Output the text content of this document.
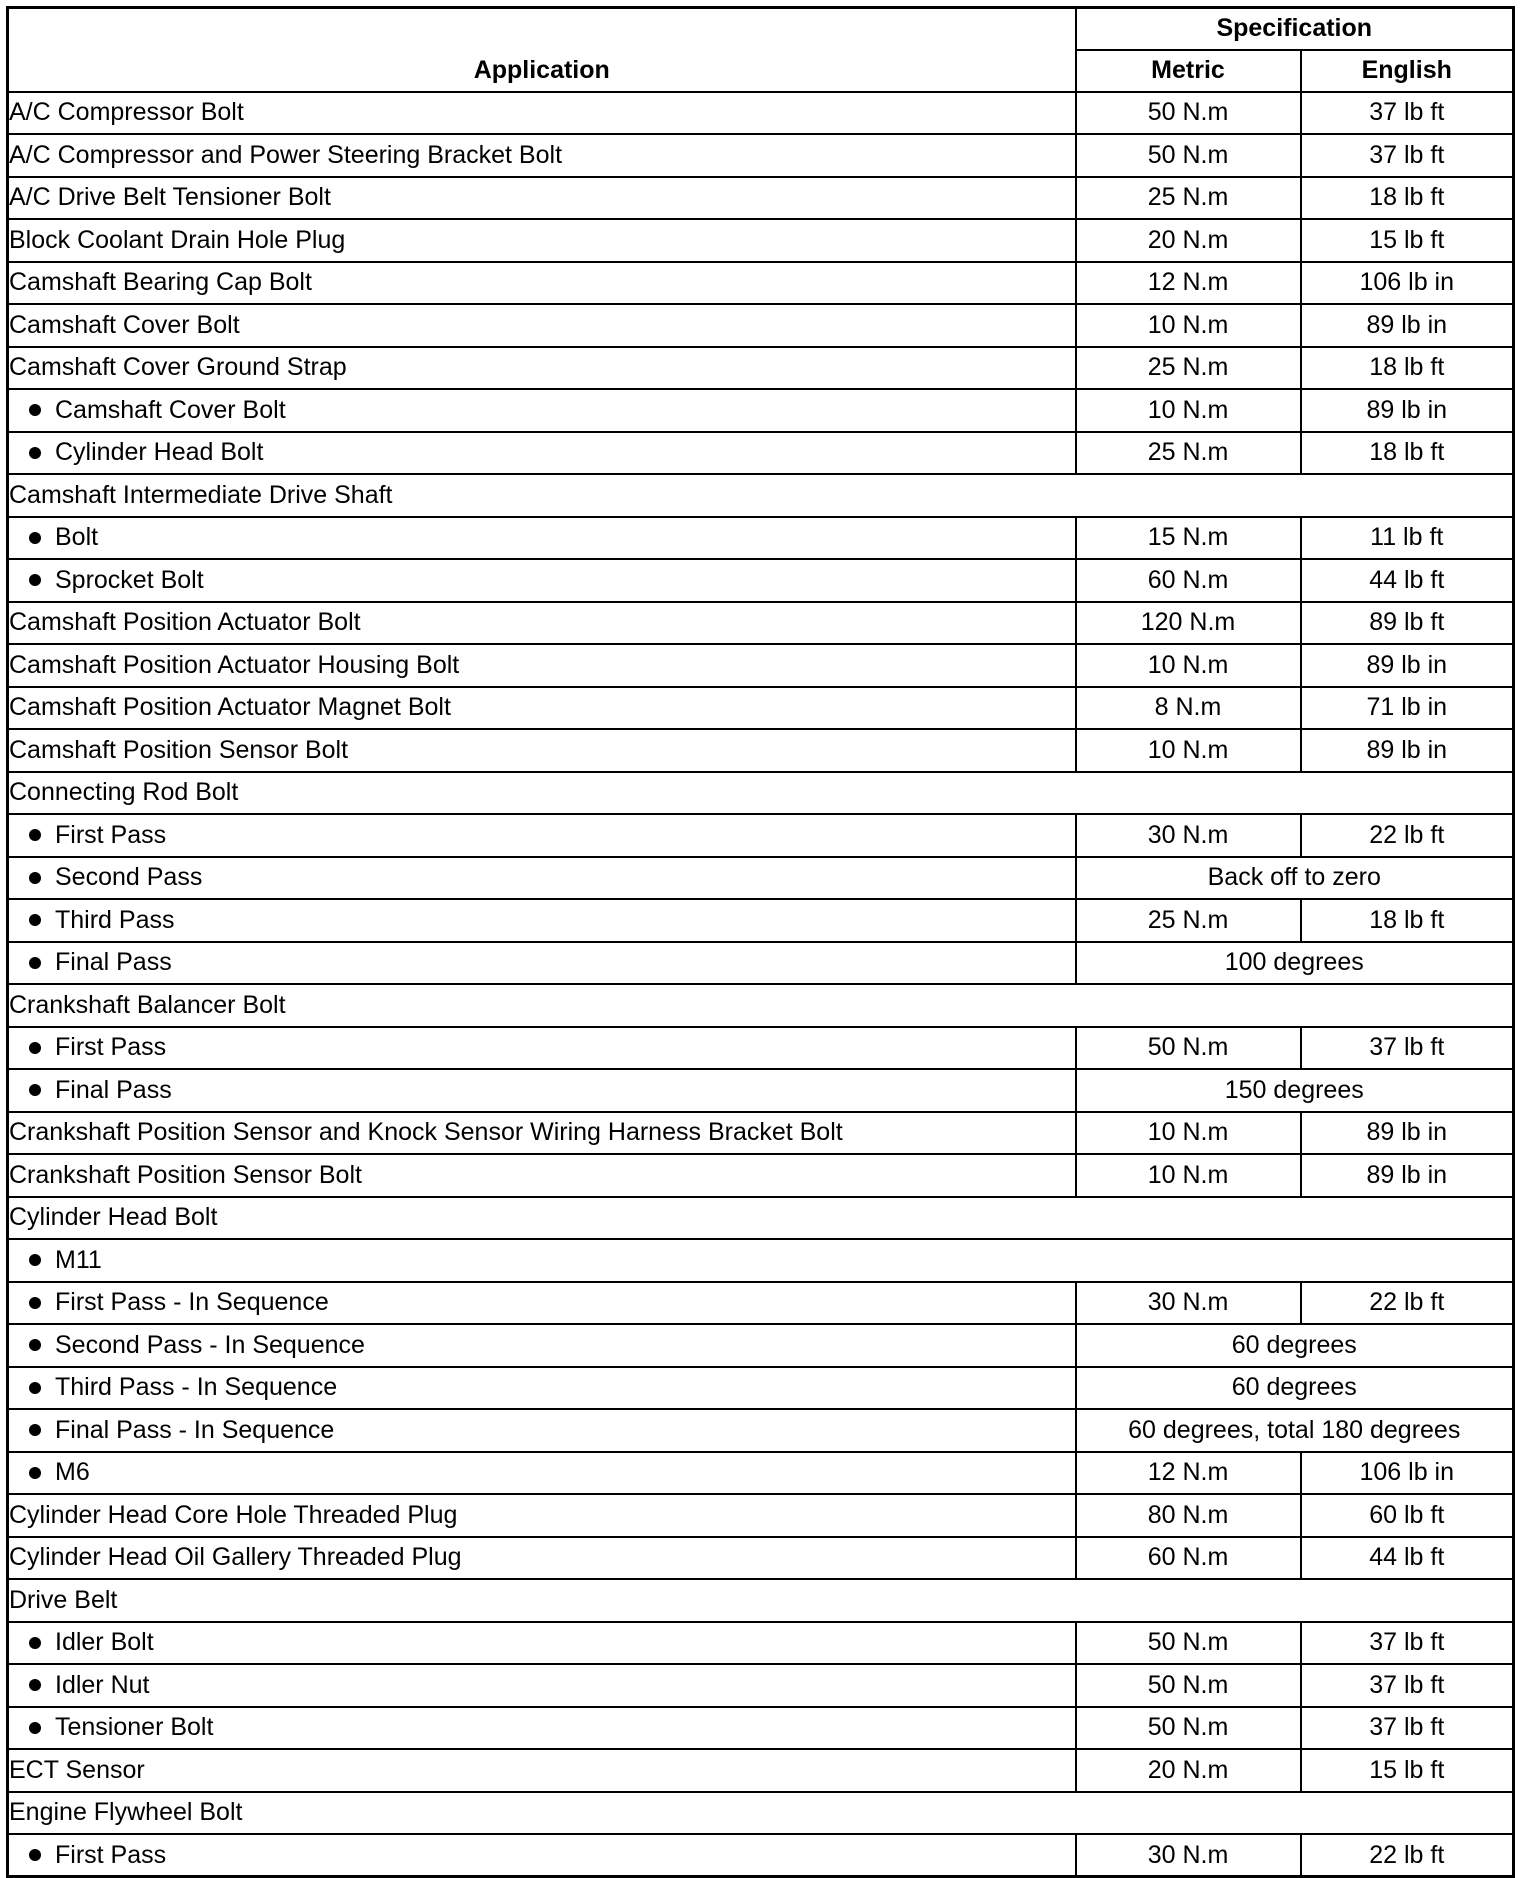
Application	Specification	
	Metric	English
A/C Compressor Bolt	50 N.m	37 lb ft
A/C Compressor and Power Steering Bracket Bolt	50 N.m	37 lb ft
A/C Drive Belt Tensioner Bolt	25 N.m	18 lb ft
Block Coolant Drain Hole Plug	20 N.m	15 lb ft
Camshaft Bearing Cap Bolt	12 N.m	106 lb in
Camshaft Cover Bolt	10 N.m	89 lb in
Camshaft Cover Ground Strap	25 N.m	18 lb ft
Camshaft Cover Bolt	10 N.m	89 lb in
Cylinder Head Bolt	25 N.m	18 lb ft
Camshaft Intermediate Drive Shaft		
Bolt	15 N.m	11 lb ft
Sprocket Bolt	60 N.m	44 lb ft
Camshaft Position Actuator Bolt	120 N.m	89 lb ft
Camshaft Position Actuator Housing Bolt	10 N.m	89 lb in
Camshaft Position Actuator Magnet Bolt	8 N.m	71 lb in
Camshaft Position Sensor Bolt	10 N.m	89 lb in
Connecting Rod Bolt		
First Pass	30 N.m	22 lb ft
Second Pass	Back off to zero	
Third Pass	25 N.m	18 lb ft
Final Pass	100 degrees	
Crankshaft Balancer Bolt		
First Pass	50 N.m	37 lb ft
Final Pass	150 degrees	
Crankshaft Position Sensor and Knock Sensor Wiring Harness Bracket Bolt	10 N.m	89 lb in
Crankshaft Position Sensor Bolt	10 N.m	89 lb in
Cylinder Head Bolt		
M11		
First Pass - In Sequence	30 N.m	22 lb ft
Second Pass - In Sequence	60 degrees	
Third Pass - In Sequence	60 degrees	
Final Pass - In Sequence	60 degrees, total 180 degrees	
M6	12 N.m	106 lb in
Cylinder Head Core Hole Threaded Plug	80 N.m	60 lb ft
Cylinder Head Oil Gallery Threaded Plug	60 N.m	44 lb ft
Drive Belt		
Idler Bolt	50 N.m	37 lb ft
Idler Nut	50 N.m	37 lb ft
Tensioner Bolt	50 N.m	37 lb ft
ECT Sensor	20 N.m	15 lb ft
Engine Flywheel Bolt		
First Pass	30 N.m	22 lb ft
